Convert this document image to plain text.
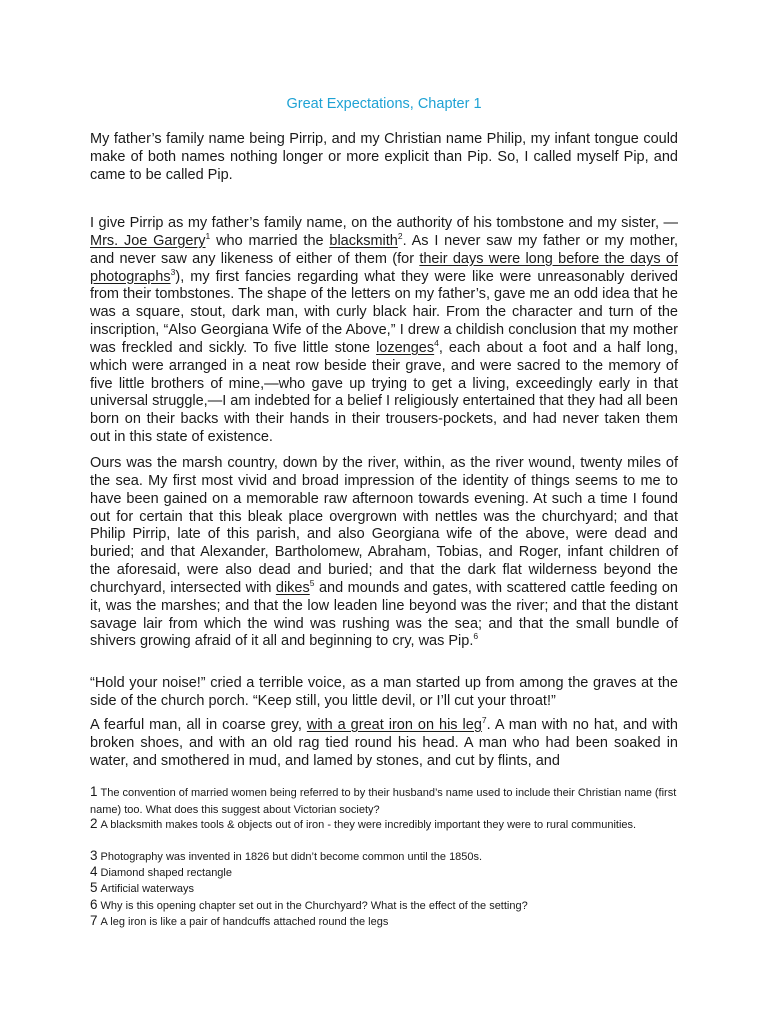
Great Expectations, Chapter 1

My father’s family name being Pirrip, and my Christian name Philip, my infant tongue could make of both names nothing longer or more explicit than Pip. So, I called myself Pip, and came to be called Pip.

I give Pirrip as my father’s family name, on the authority of his tombstone and my sister, — Mrs. Joe Gargery$^1$ who married the blacksmith$^2$. As I never saw my father or my mother, and never saw any likeness of either of them (for their days were long before the days of photographs$^3$), my first fancies regarding what they were like were unreasonably derived from their tombstones. The shape of the letters on my father’s, gave me an odd idea that he was a square, stout, dark man, with curly black hair. From the character and turn of the inscription, “Also Georgiana Wife of the Above,” I drew a childish conclusion that my mother was freckled and sickly. To five little stone lozenges$^4$, each about a foot and a half long, which were arranged in a neat row beside their grave, and were sacred to the memory of five little brothers of mine,—who gave up trying to get a living, exceedingly early in that universal struggle,—I am indebted for a belief I religiously entertained that they had all been born on their backs with their hands in their trousers-pockets, and had never taken them out in this state of existence.

Ours was the marsh country, down by the river, within, as the river wound, twenty miles of the sea. My first most vivid and broad impression of the identity of things seems to me to have been gained on a memorable raw afternoon towards evening. At such a time I found out for certain that this bleak place overgrown with nettles was the churchyard; and that Philip Pirrip, late of this parish, and also Georgiana wife of the above, were dead and buried; and that Alexander, Bartholomew, Abraham, Tobias, and Roger, infant children of the aforesaid, were also dead and buried; and that the dark flat wilderness beyond the churchyard, intersected with dikes$^5$ and mounds and gates, with scattered cattle feeding on it, was the marshes; and that the low leaden line beyond was the river; and that the distant savage lair from which the wind was rushing was the sea; and that the small bundle of shivers growing afraid of it all and beginning to cry, was Pip.$^6$

“Hold your noise!” cried a terrible voice, as a man started up from among the graves at the side of the church porch. “Keep still, you little devil, or I’ll cut your throat!”

A fearful man, all in coarse grey, with a great iron on his leg$^7$. A man with no hat, and with broken shoes, and with an old rag tied round his head. A man who had been soaked in water, and smothered in mud, and lamed by stones, and cut by flints, and

1 The convention of married women being referred to by their husband’s name used to include their Christian name (first name) too. What does this suggest about Victorian society?
2 A blacksmith makes tools & objects out of iron - they were incredibly important they were to rural communities.
3 Photography was invented in 1826 but didn’t become common until the 1850s.
4 Diamond shaped rectangle
5 Artificial waterways
6 Why is this opening chapter set out in the Churchyard? What is the effect of the setting?
7 A leg iron is like a pair of handcuffs attached round the legs
